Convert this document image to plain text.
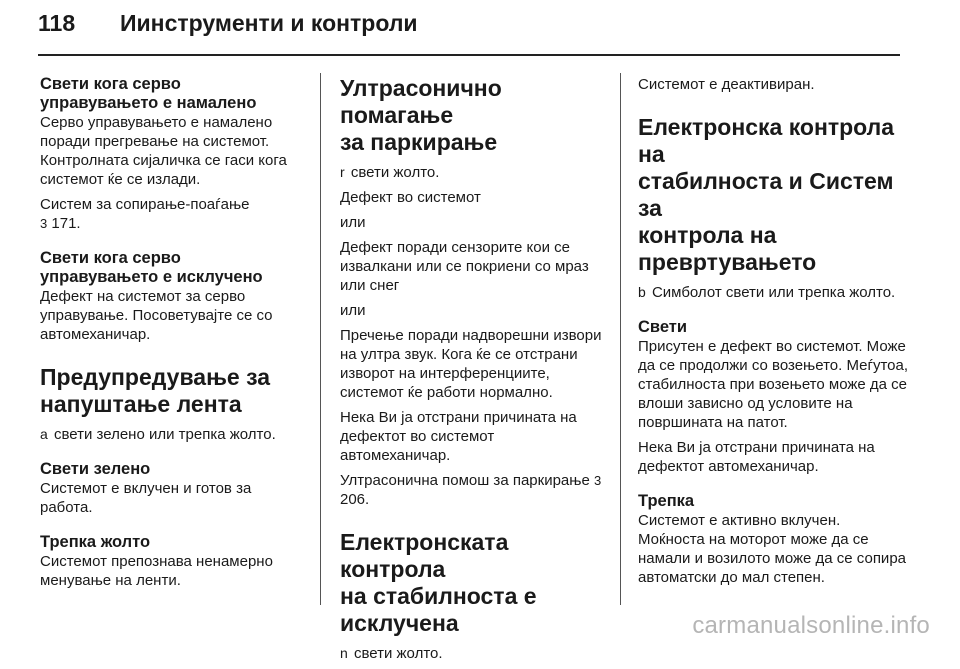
118 Иинструменти и контроли
Свети кога серво
управувањето е намалено

Серво управувањето е намалено поради прегревање на системот. Контролната сијаличка се гаси кога системот ќе се излади.

Систем за сопирање-поаѓање
3 171.

Свети кога серво
управувањето е исклучено

Дефект на системот за серво управување. Посоветувајте се со автомеханичар.

Предупредување за
напуштање лента

a свети зелено или трепка жолто.

Свети зелено

Системот е вклучен и готов за работа.

Трепка жолто

Системот препознава ненамерно менување на ленти.

Ултрасонично помагање
за паркирање

r свети жолто.

Дефект во системот

или

Дефект поради сензорите кои се извалкани или се покриени со мраз или снег

или

Пречење поради надворешни извори на ултра звук. Кога ќе се отстрани изворот на интерференциите, системот ќе работи нормално.

Нека Ви ја отстрани причината на дефектот во системот автомеханичар.

Ултрасонична помош за паркирање 3 206.

Електронската контрола
на стабилноста е
исклучена

n свети жолто.

Системот е деактивиран.

Електронска контрола на
стабилноста и Систем за
контрола на
превртувањето

b Симболот свети или трепка жолто.

Свети

Присутен е дефект во системот. Може да се продолжи со возењето. Меѓутоа, стабилноста при возењето може да се влоши зависно од условите на површината на патот.

Нека Ви ја отстрани причината на дефектот автомеханичар.

Трепка

Системот е активно вклучен. Моќноста на моторот може да се намали и возилото може да се сопира автоматски до мал степен.

carmanualsonline.info
